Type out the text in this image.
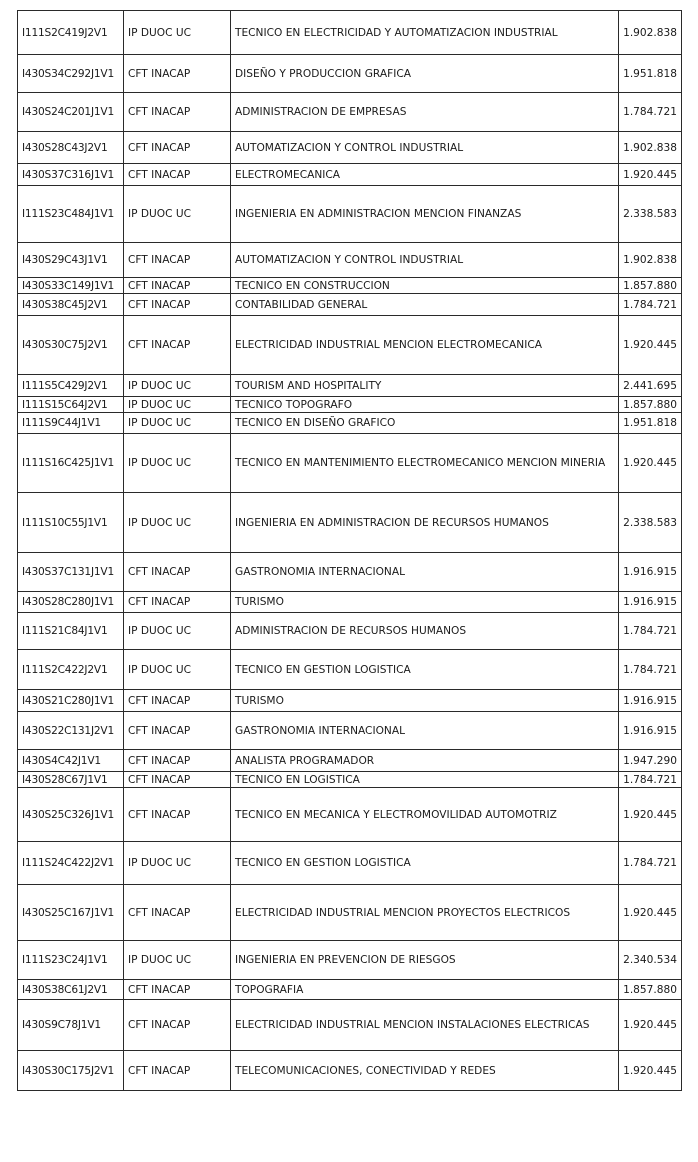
I111S2C419J2V1	IP DUOC UC	TECNICO EN ELECTRICIDAD Y AUTOMATIZACION INDUSTRIAL	1.902.838
I430S34C292J1V1	CFT INACAP	DISEÑO Y PRODUCCION GRAFICA	1.951.818
I430S24C201J1V1	CFT INACAP	ADMINISTRACION DE EMPRESAS	1.784.721
I430S28C43J2V1	CFT INACAP	AUTOMATIZACION Y CONTROL INDUSTRIAL	1.902.838
I430S37C316J1V1	CFT INACAP	ELECTROMECANICA	1.920.445
I111S23C484J1V1	IP DUOC UC	INGENIERIA EN ADMINISTRACION MENCION FINANZAS	2.338.583
I430S29C43J1V1	CFT INACAP	AUTOMATIZACION Y CONTROL INDUSTRIAL	1.902.838
I430S33C149J1V1	CFT INACAP	TECNICO EN CONSTRUCCION	1.857.880
I430S38C45J2V1	CFT INACAP	CONTABILIDAD GENERAL	1.784.721
I430S30C75J2V1	CFT INACAP	ELECTRICIDAD INDUSTRIAL MENCION ELECTROMECANICA	1.920.445
I111S5C429J2V1	IP DUOC UC	TOURISM AND HOSPITALITY	2.441.695
I111S15C64J2V1	IP DUOC UC	TECNICO TOPOGRAFO	1.857.880
I111S9C44J1V1	IP DUOC UC	TECNICO EN DISEÑO GRAFICO	1.951.818
I111S16C425J1V1	IP DUOC UC	TECNICO EN MANTENIMIENTO ELECTROMECANICO MENCION MINERIA	1.920.445
I111S10C55J1V1	IP DUOC UC	INGENIERIA EN ADMINISTRACION DE RECURSOS HUMANOS	2.338.583
I430S37C131J1V1	CFT INACAP	GASTRONOMIA INTERNACIONAL	1.916.915
I430S28C280J1V1	CFT INACAP	TURISMO	1.916.915
I111S21C84J1V1	IP DUOC UC	ADMINISTRACION DE RECURSOS HUMANOS	1.784.721
I111S2C422J2V1	IP DUOC UC	TECNICO EN GESTION LOGISTICA	1.784.721
I430S21C280J1V1	CFT INACAP	TURISMO	1.916.915
I430S22C131J2V1	CFT INACAP	GASTRONOMIA INTERNACIONAL	1.916.915
I430S4C42J1V1	CFT INACAP	ANALISTA PROGRAMADOR	1.947.290
I430S28C67J1V1	CFT INACAP	TECNICO EN LOGISTICA	1.784.721
I430S25C326J1V1	CFT INACAP	TECNICO EN MECANICA Y ELECTROMOVILIDAD AUTOMOTRIZ	1.920.445
I111S24C422J2V1	IP DUOC UC	TECNICO EN GESTION LOGISTICA	1.784.721
I430S25C167J1V1	CFT INACAP	ELECTRICIDAD INDUSTRIAL MENCION PROYECTOS ELECTRICOS	1.920.445
I111S23C24J1V1	IP DUOC UC	INGENIERIA EN PREVENCION DE RIESGOS	2.340.534
I430S38C61J2V1	CFT INACAP	TOPOGRAFIA	1.857.880
I430S9C78J1V1	CFT INACAP	ELECTRICIDAD INDUSTRIAL MENCION INSTALACIONES ELECTRICAS	1.920.445
I430S30C175J2V1	CFT INACAP	TELECOMUNICACIONES, CONECTIVIDAD Y REDES	1.920.445
